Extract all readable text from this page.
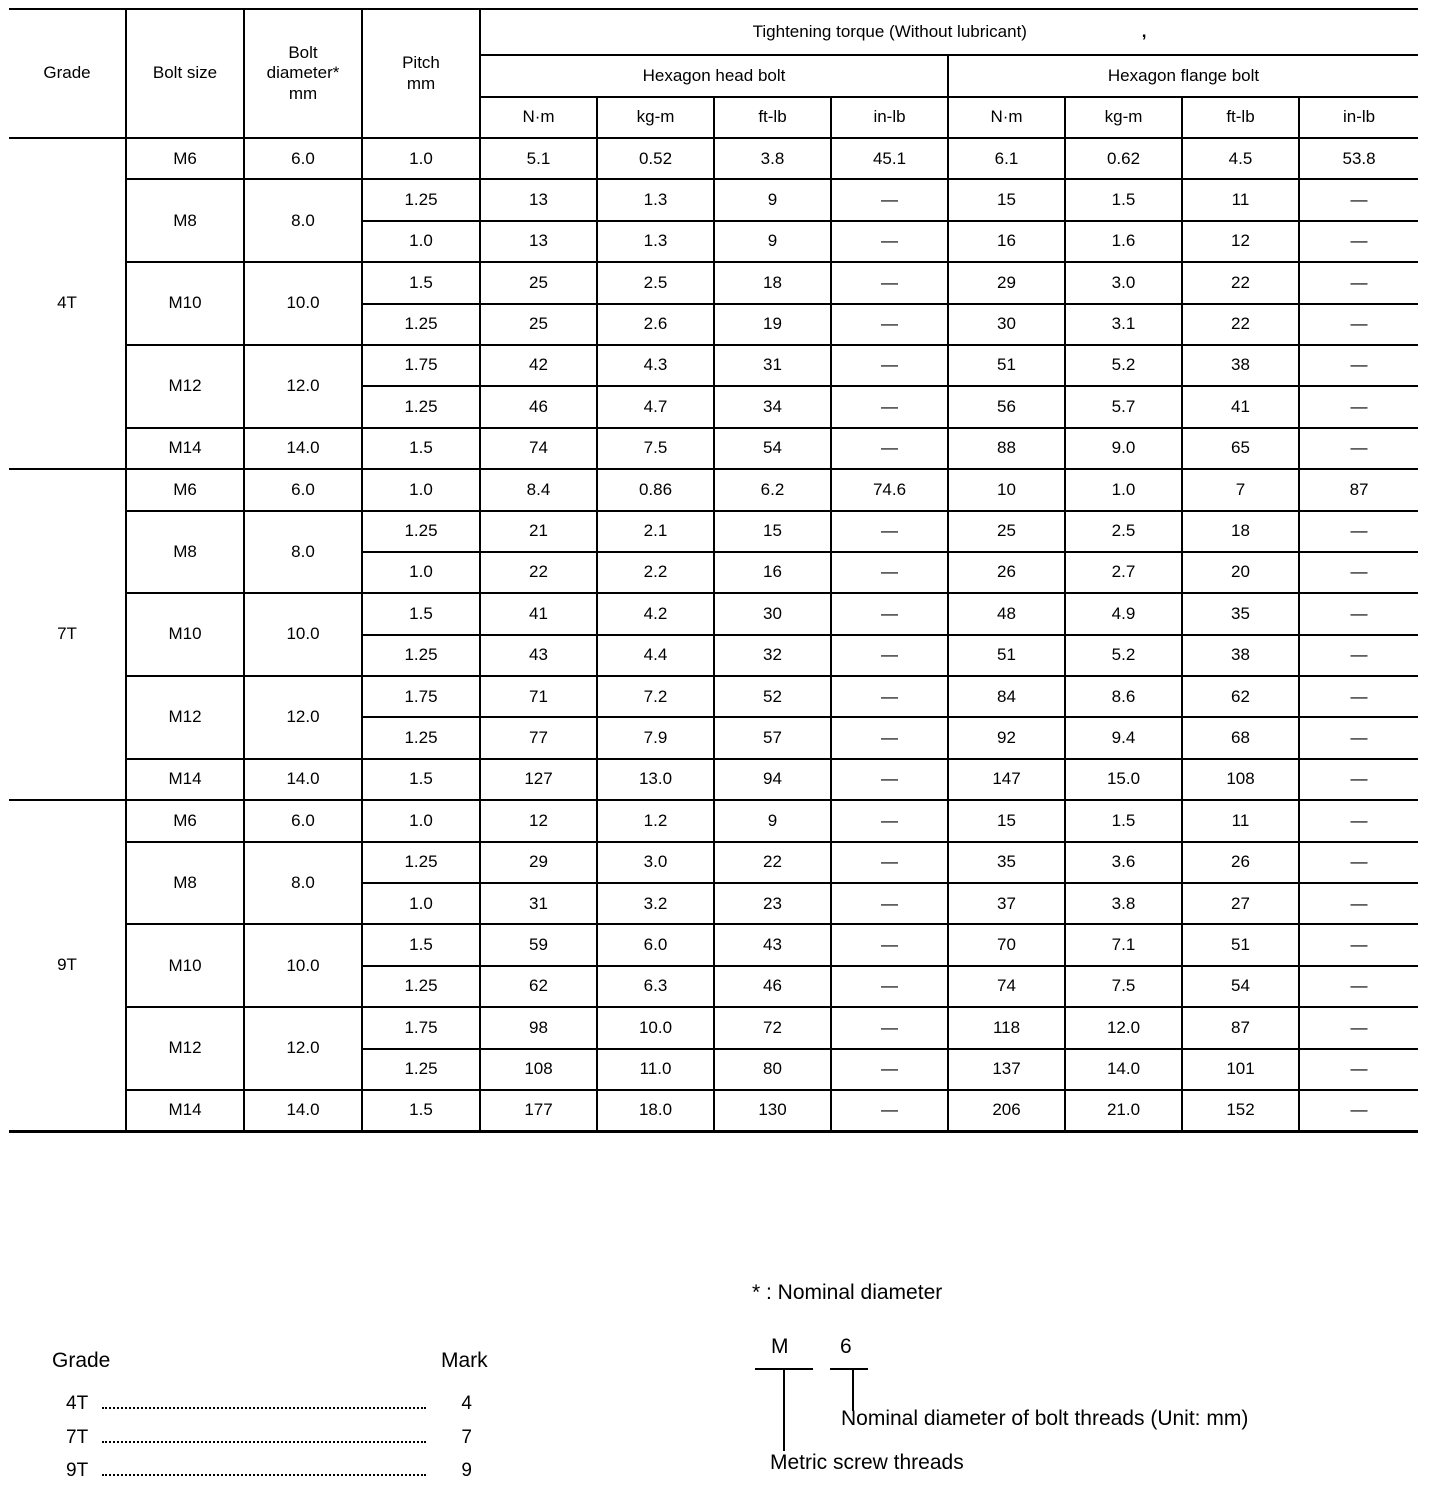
Grade	Bolt size	Bolt diameter* mm	Pitch mm	Tightening torque (Without lubricant) ,							
				Hexagon head bolt				Hexagon flange bolt			
				N·m	kg-m	ft-lb	in-lb	N·m	kg-m	ft-lb	in-lb
4T	M6	6.0	1.0	5.1	0.52	3.8	45.1	6.1	0.62	4.5	53.8
	M8	8.0	1.25	13	1.3	9	—	15	1.5	11	—
			1.0	13	1.3	9	—	16	1.6	12	—
	M10	10.0	1.5	25	2.5	18	—	29	3.0	22	—
			1.25	25	2.6	19	—	30	3.1	22	—
	M12	12.0	1.75	42	4.3	31	—	51	5.2	38	—
			1.25	46	4.7	34	—	56	5.7	41	—
	M14	14.0	1.5	74	7.5	54	—	88	9.0	65	—
7T	M6	6.0	1.0	8.4	0.86	6.2	74.6	10	1.0	7	87
	M8	8.0	1.25	21	2.1	15	—	25	2.5	18	—
			1.0	22	2.2	16	—	26	2.7	20	—
	M10	10.0	1.5	41	4.2	30	—	48	4.9	35	—
			1.25	43	4.4	32	—	51	5.2	38	—
	M12	12.0	1.75	71	7.2	52	—	84	8.6	62	—
			1.25	77	7.9	57	—	92	9.4	68	—
	M14	14.0	1.5	127	13.0	94	—	147	15.0	108	—
9T	M6	6.0	1.0	12	1.2	9	—	15	1.5	11	—
	M8	8.0	1.25	29	3.0	22	—	35	3.6	26	—
			1.0	31	3.2	23	—	37	3.8	27	—
	M10	10.0	1.5	59	6.0	43	—	70	7.1	51	—
			1.25	62	6.3	46	—	74	7.5	54	—
	M12	12.0	1.75	98	10.0	72	—	118	12.0	87	—
			1.25	108	11.0	80	—	137	14.0	101	—
	M14	14.0	1.5	177	18.0	130	—	206	21.0	152	—
* : Nominal diameter
Grade	Mark
4T	4
7T	7
9T	9
M 6
Nominal diameter of bolt threads (Unit: mm)
Metric screw threads
